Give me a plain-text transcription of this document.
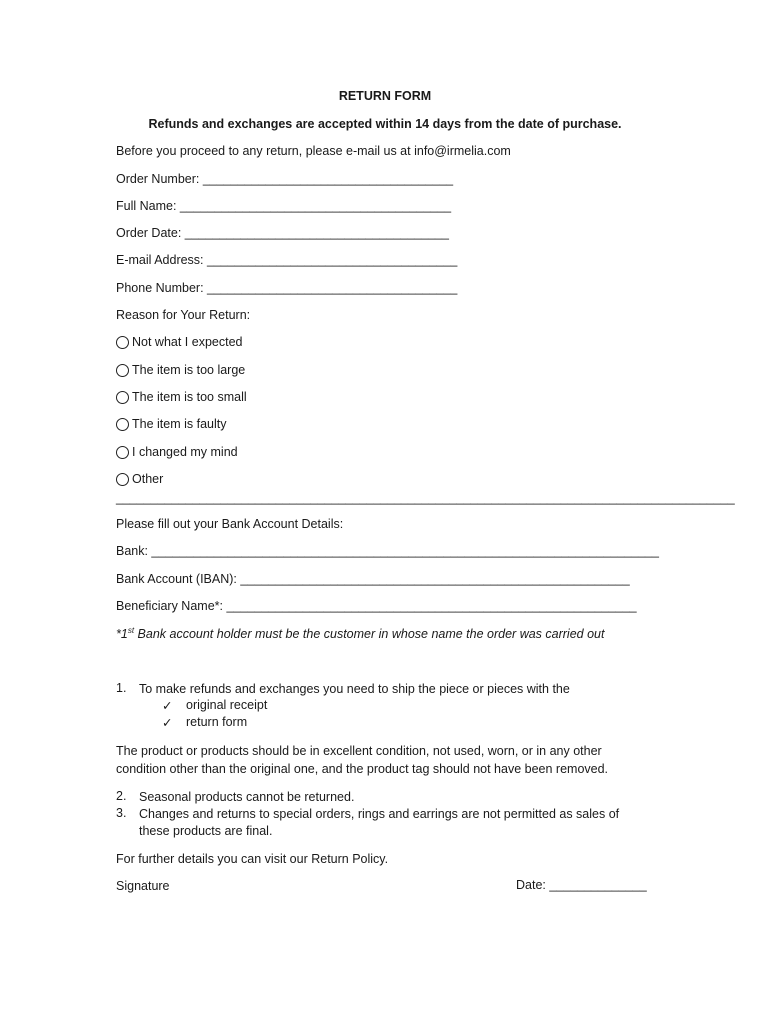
RETURN FORM
Refunds and exchanges are accepted within 14 days from the date of purchase.
Before you proceed to any return, please e-mail us at info@irmelia.com
Order Number: ____________________________________
Full Name: _______________________________________
Order Date: ______________________________________
E-mail Address: ____________________________________
Phone Number: ____________________________________
Reason for Your Return:
Not what I expected
The item is too large
The item is too small
The item is faulty
I changed my mind
Other
_________________________________________________________________________________________
Please fill out your Bank Account Details:
Bank: _________________________________________________________________________
Bank Account (IBAN): ________________________________________________________
Beneficiary Name*: ___________________________________________________________
*1st Bank account holder must be the customer in whose name the order was carried out
1. To make refunds and exchanges you need to ship the piece or pieces with the
✓ original receipt
✓ return form
The product or products should be in excellent condition, not used, worn, or in any other
condition other than the original one, and the product tag should not have been removed.
2. Seasonal products cannot be returned.
3. Changes and returns to special orders, rings and earrings are not permitted as sales of
these products are final.
For further details you can visit our Return Policy.
Signature	Date: ______________
